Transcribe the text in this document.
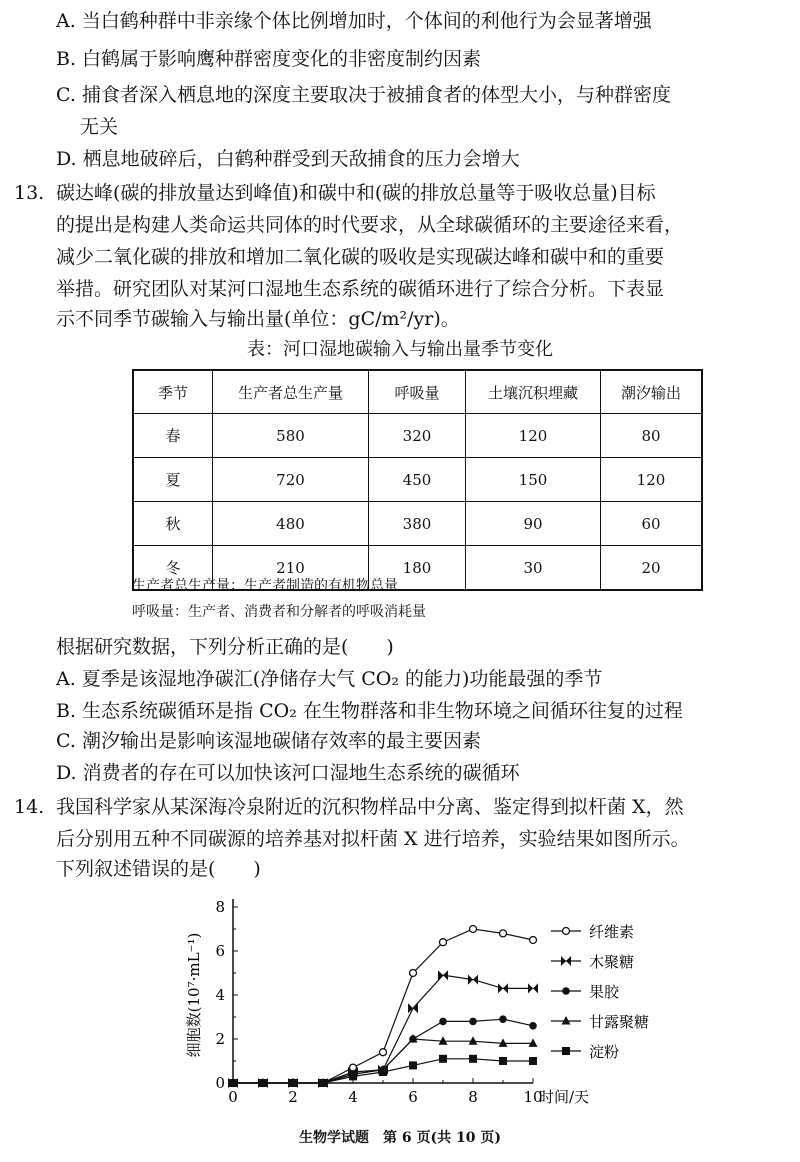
A. 当白鹤种群中非亲缘个体比例增加时，个体间的利他行为会显著增强
B. 白鹤属于影响鹰种群密度变化的非密度制约因素
C. 捕食者深入栖息地的深度主要取决于被捕食者的体型大小，与种群密度
无关
D. 栖息地破碎后，白鹤种群受到天敌捕食的压力会增大
13. 碳达峰(碳的排放量达到峰值)和碳中和(碳的排放总量等于吸收总量)目标
的提出是构建人类命运共同体的时代要求，从全球碳循环的主要途径来看，
减少二氧化碳的排放和增加二氧化碳的吸收是实现碳达峰和碳中和的重要
举措。研究团队对某河口湿地生态系统的碳循环进行了综合分析。下表显
示不同季节碳输入与输出量(单位：gC/m²/yr)。
表：河口湿地碳输入与输出量季节变化
季节	生产者总生产量	呼吸量	土壤沉积埋藏	潮汐输出
春	580	320	120	80
夏	720	450	150	120
秋	480	380	90	60
冬	210	180	30	20
生产者总生产量：生产者制造的有机物总量
呼吸量：生产者、消费者和分解者的呼吸消耗量
根据研究数据，下列分析正确的是(　　)
A. 夏季是该湿地净碳汇(净储存大气 CO₂ 的能力)功能最强的季节
B. 生态系统碳循环是指 CO₂ 在生物群落和非生物环境之间循环往复的过程
C. 潮汐输出是影响该湿地碳储存效率的最主要因素
D. 消费者的存在可以加快该河口湿地生态系统的碳循环
14. 我国科学家从某深海冷泉附近的沉积物样品中分离、鉴定得到拟杆菌 X，然
后分别用五种不同碳源的培养基对拟杆菌 X 进行培养，实验结果如图所示。
下列叙述错误的是(　　)
0	2	4	6	8	10
0
2
4
6
8
时间/天
细胞数(10⁷·mL⁻¹)
纤维素
木聚糖
果胶
甘露聚糖
淀粉
生物学试题　第 6 页(共 10 页)
